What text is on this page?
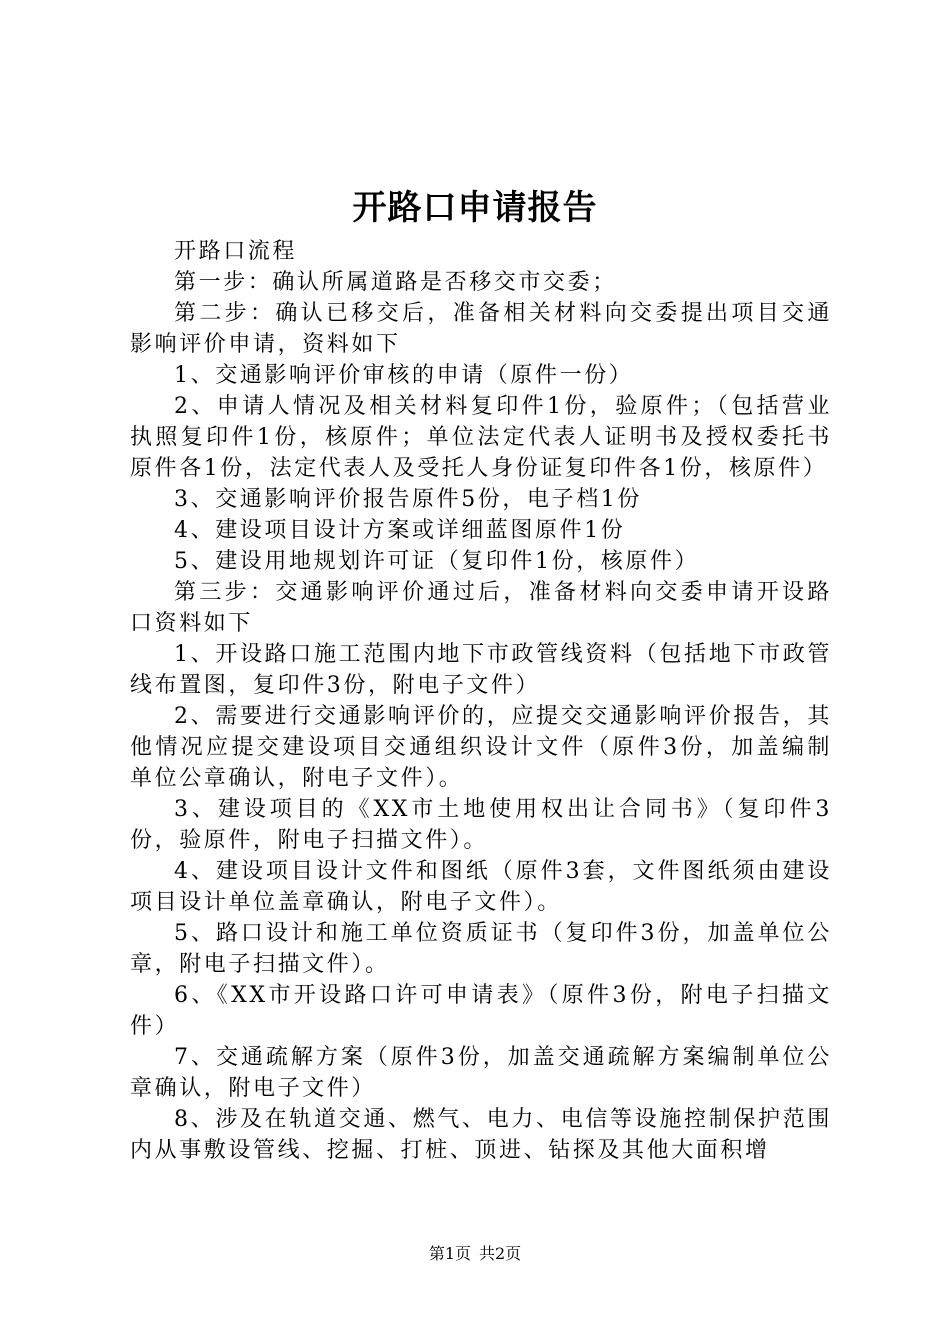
开路口申请报告

开路口流程

第一步：确认所属道路是否移交市交委；

第二步：确认已移交后，准备相关材料向交委提出项目交通影响评价申请，资料如下

1、交通影响评价审核的申请（原件一份）

2、申请人情况及相关材料复印件1份，验原件；（包括营业执照复印件1份，核原件；单位法定代表人证明书及授权委托书原件各1份，法定代表人及受托人身份证复印件各1份，核原件）

3、交通影响评价报告原件5份，电子档1份

4、建设项目设计方案或详细蓝图原件1份

5、建设用地规划许可证（复印件1份，核原件）

第三步：交通影响评价通过后，准备材料向交委申请开设路口资料如下

1、开设路口施工范围内地下市政管线资料（包括地下市政管线布置图，复印件3份，附电子文件）

2、需要进行交通影响评价的，应提交交通影响评价报告，其他情况应提交建设项目交通组织设计文件（原件3份，加盖编制单位公章确认，附电子文件）。

3、建设项目的《XX市土地使用权出让合同书》（复印件3份，验原件，附电子扫描文件）。

4、建设项目设计文件和图纸（原件3套，文件图纸须由建设项目设计单位盖章确认，附电子文件）。

5、路口设计和施工单位资质证书（复印件3份，加盖单位公章，附电子扫描文件）。

6、《XX市开设路口许可申请表》（原件3份，附电子扫描文件）

7、交通疏解方案（原件3份，加盖交通疏解方案编制单位公章确认，附电子文件）

8、涉及在轨道交通、燃气、电力、电信等设施控制保护范围内从事敷设管线、挖掘、打桩、顶进、钻探及其他大面积增

第1页 共2页
